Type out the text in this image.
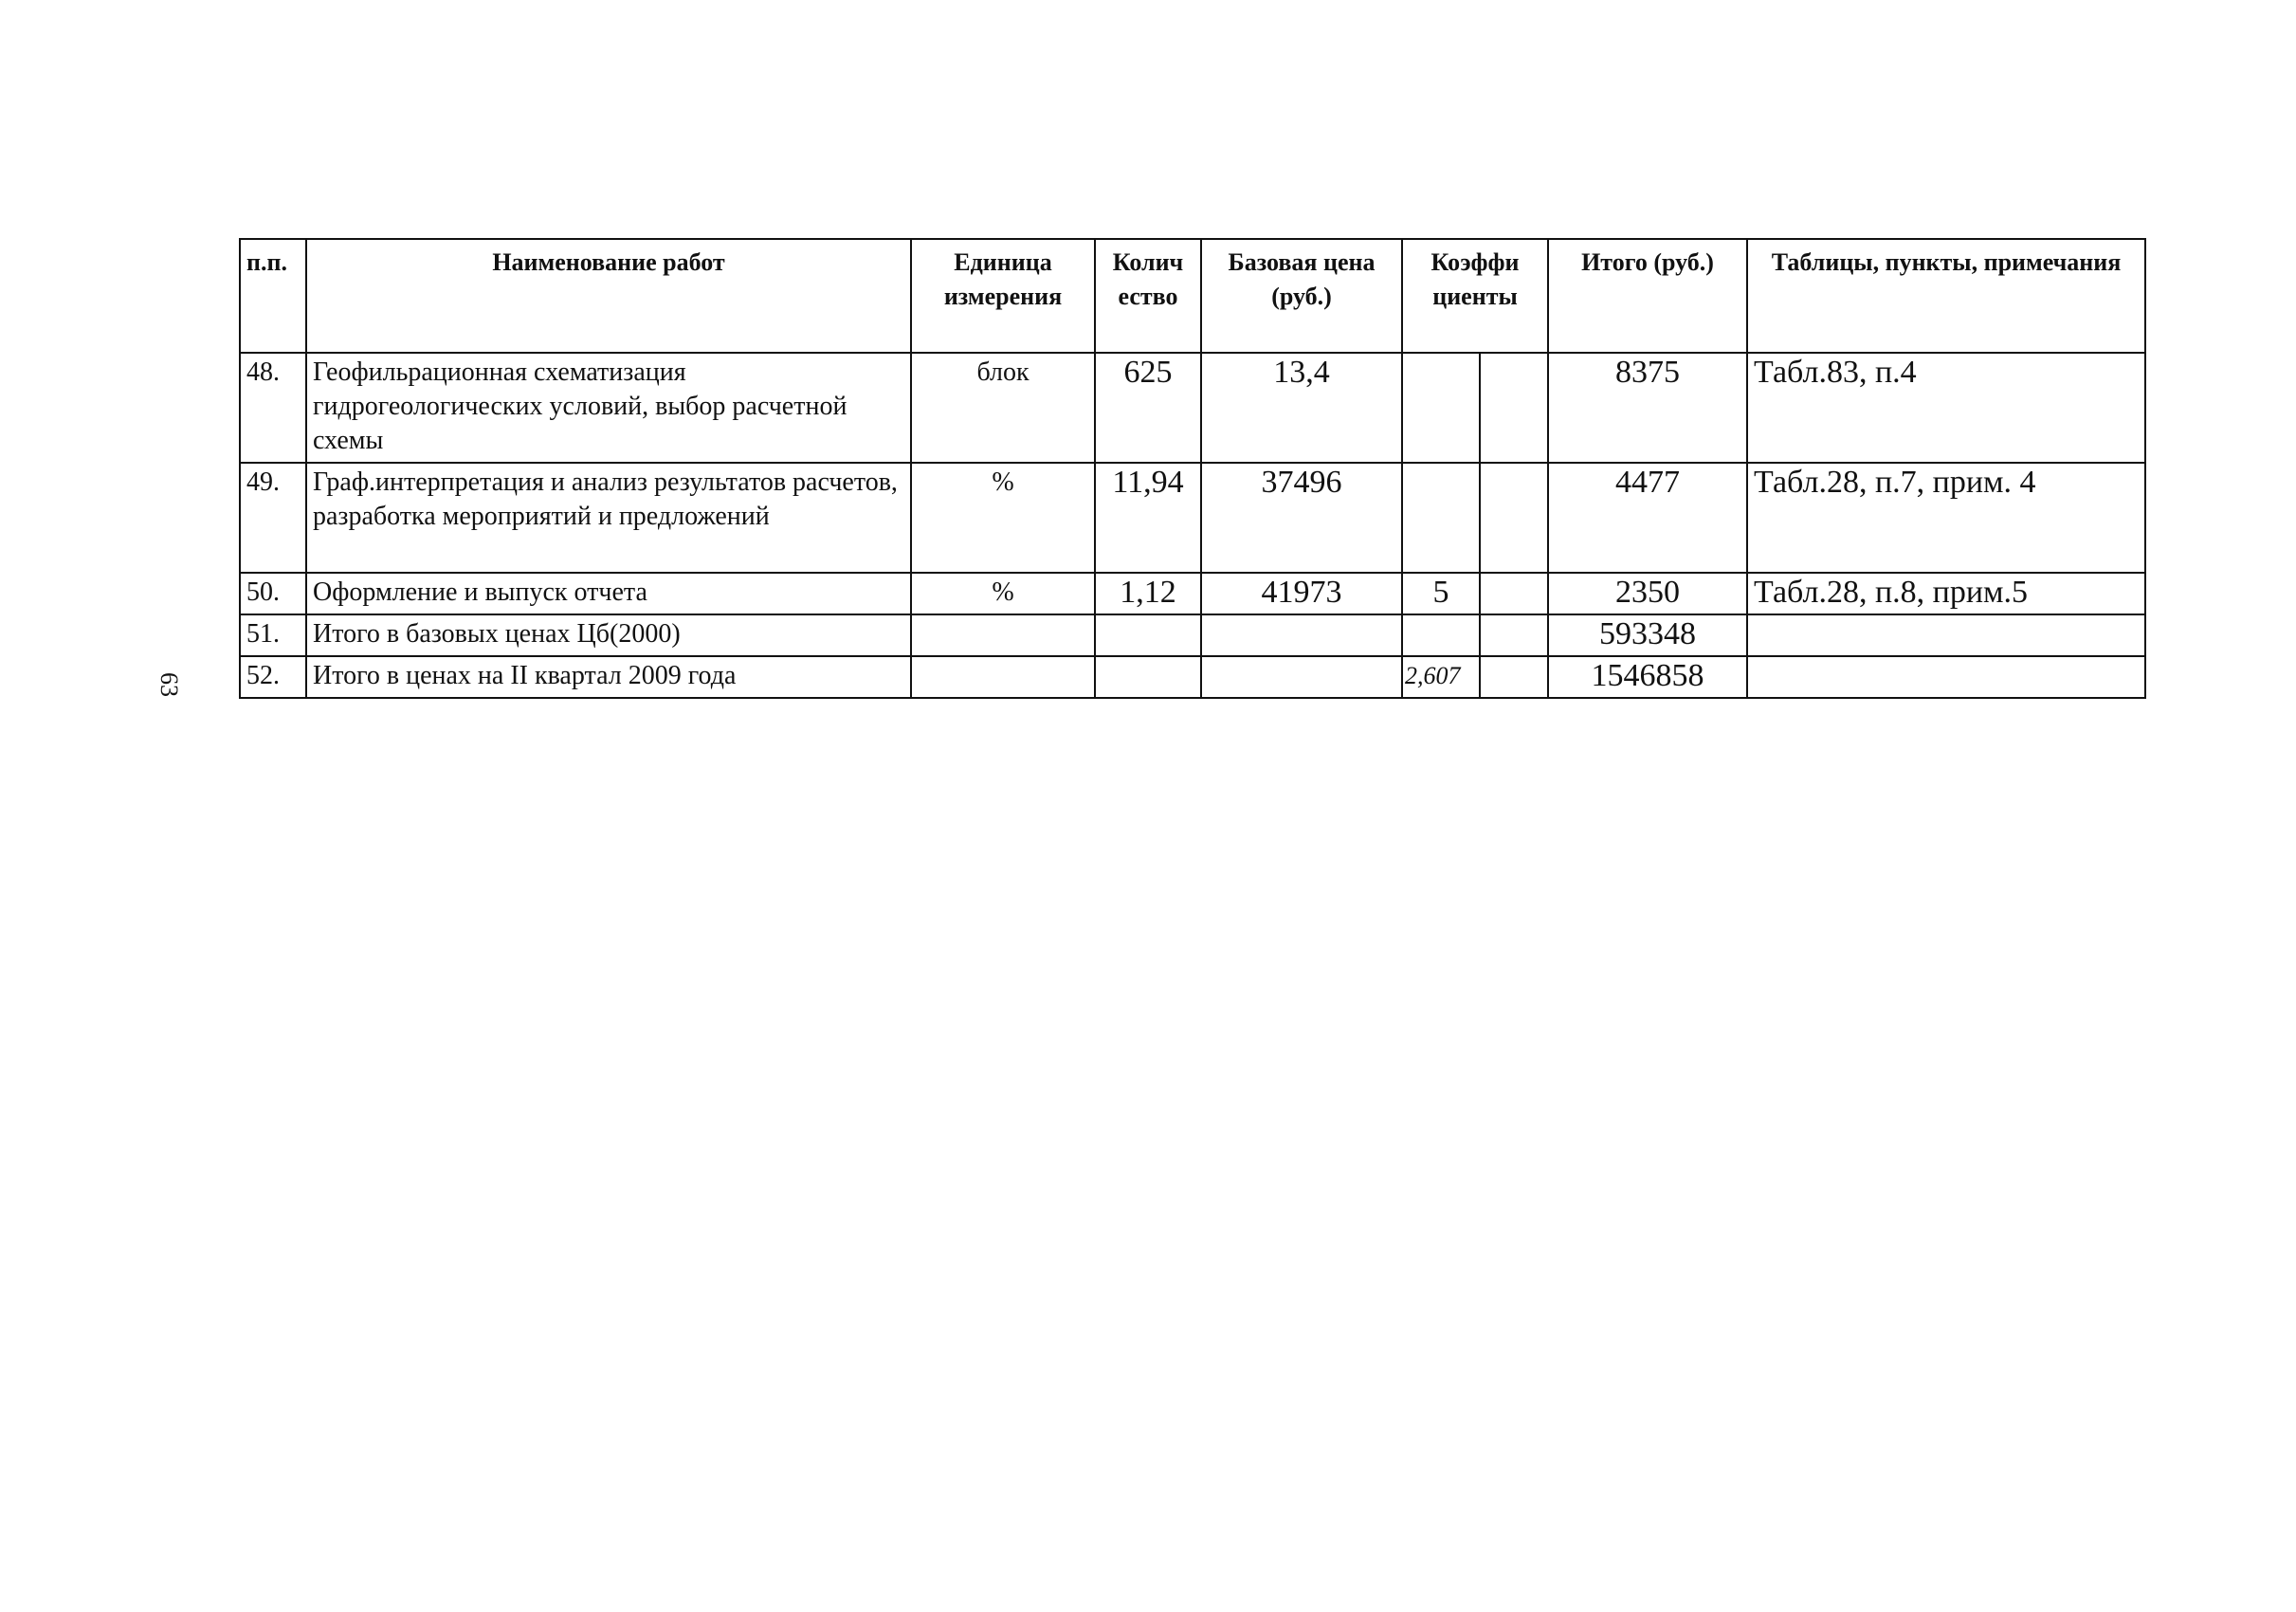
63
п.п.	Наименование работ	Единица измерения	Колич ество	Базовая цена (руб.)	Коэффи циенты		Итого (руб.)	Таблицы, пункты, примечания
48.	Геофильрационная схематизация гидрогеологических условий, выбор расчетной схемы	блок	625	13,4			8375	Табл.83, п.4
49.	Граф.интерпретация и анализ результатов расчетов, разработка мероприятий и предложений	%	11,94	37496			4477	Табл.28, п.7, прим. 4
50.	Оформление и выпуск отчета	%	1,12	41973	5		2350	Табл.28, п.8, прим.5
51.	Итого в базовых ценах Цб(2000)						593348	
52.	Итого в ценах на II квартал 2009 года				2,607		1546858	
